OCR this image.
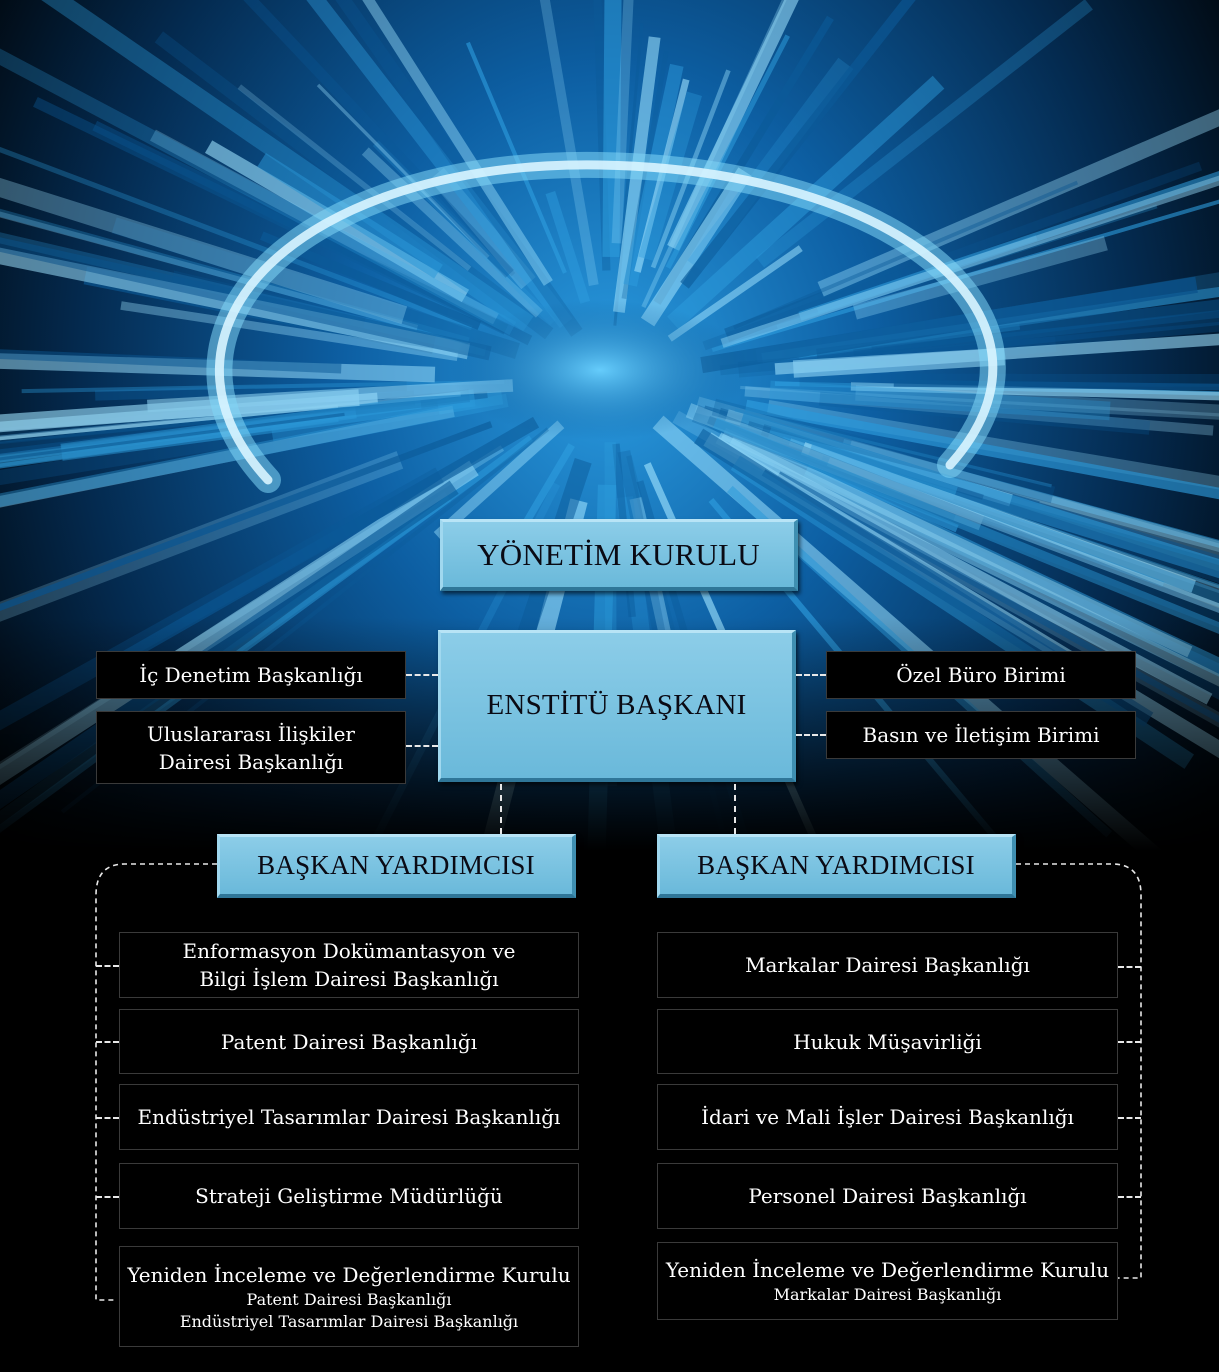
YÖNETİM KURULU
ENSTİTÜ BAŞKANI
İç Denetim Başkanlığı
Uluslararası İlişkiler
Dairesi Başkanlığı
Özel Büro Birimi
Basın ve İletişim Birimi
BAŞKAN YARDIMCISI	BAŞKAN YARDIMCISI
Enformasyon Dokümantasyon ve
Bilgi İşlem Dairesi Başkanlığı
Patent Dairesi Başkanlığı
Endüstriyel Tasarımlar Dairesi Başkanlığı
Strateji Geliştirme Müdürlüğü
Yeniden İnceleme ve Değerlendirme Kurulu
Patent Dairesi Başkanlığı
Endüstriyel Tasarımlar Dairesi Başkanlığı
Markalar Dairesi Başkanlığı
Hukuk Müşavirliği
İdari ve Mali İşler Dairesi Başkanlığı
Personel Dairesi Başkanlığı
Yeniden İnceleme ve Değerlendirme Kurulu
Markalar Dairesi Başkanlığı
